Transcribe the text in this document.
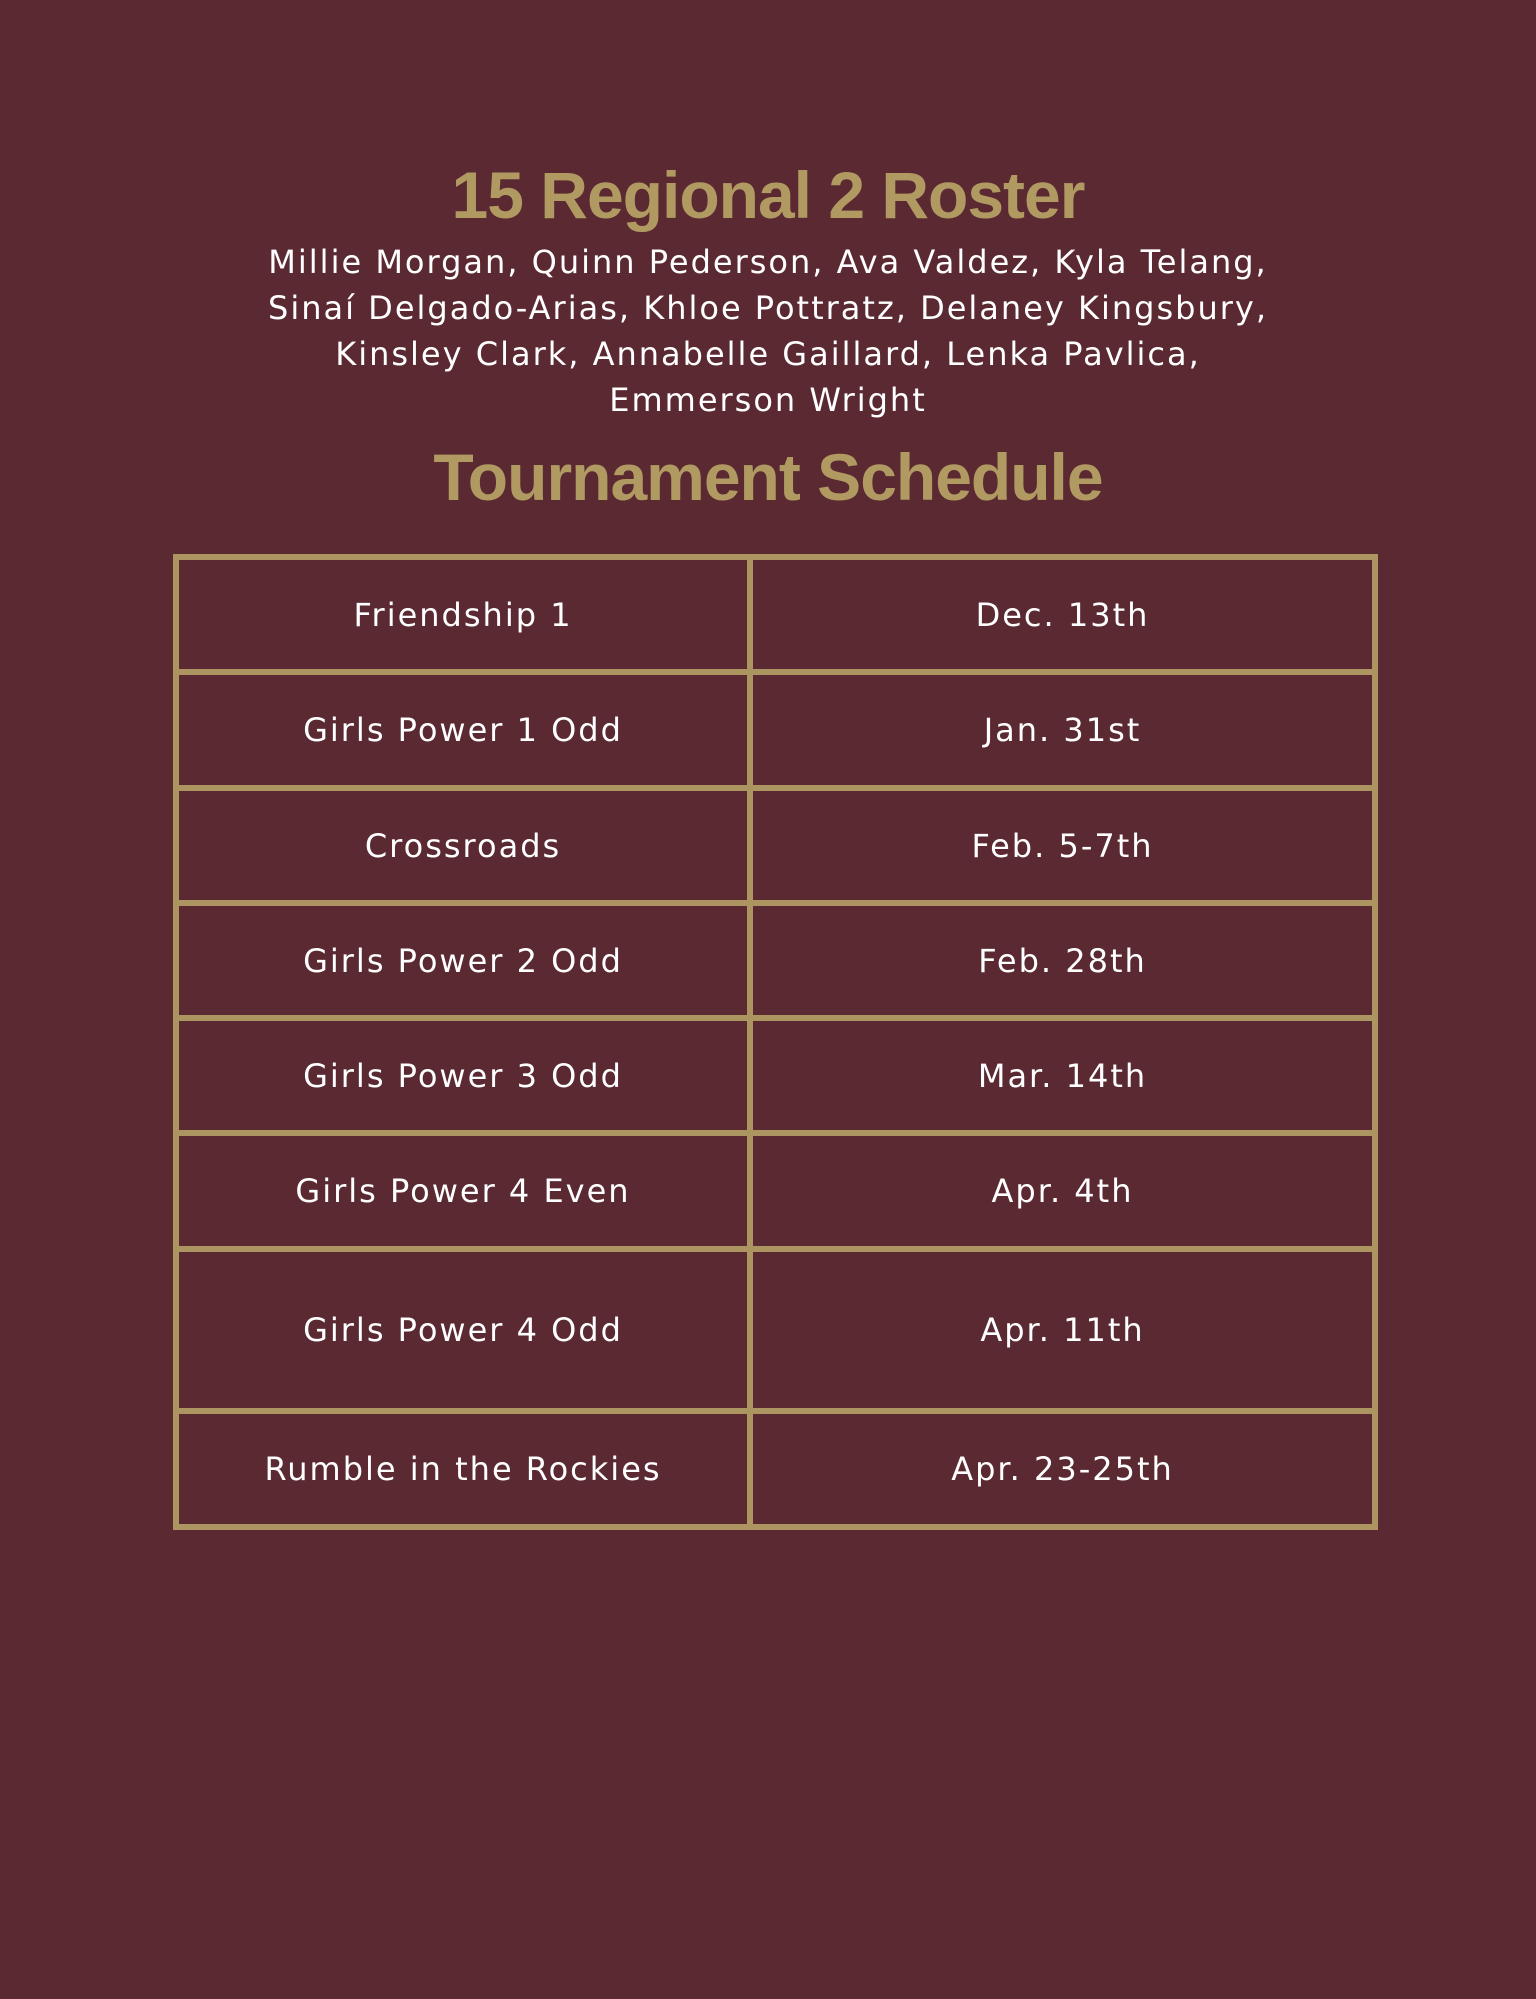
15 Regional 2 Roster

Millie Morgan, Quinn Pederson, Ava Valdez, Kyla Telang,
Sinaí Delgado-Arias, Khloe Pottratz, Delaney Kingsbury,
Kinsley Clark, Annabelle Gaillard, Lenka Pavlica,
Emmerson Wright

Tournament Schedule
Friendship 1	Dec. 13th
Girls Power 1 Odd	Jan. 31st
Crossroads	Feb. 5-7th
Girls Power 2 Odd	Feb. 28th
Girls Power 3 Odd	Mar. 14th
Girls Power 4 Even	Apr. 4th
Girls Power 4 Odd	Apr. 11th
Rumble in the Rockies	Apr. 23-25th
